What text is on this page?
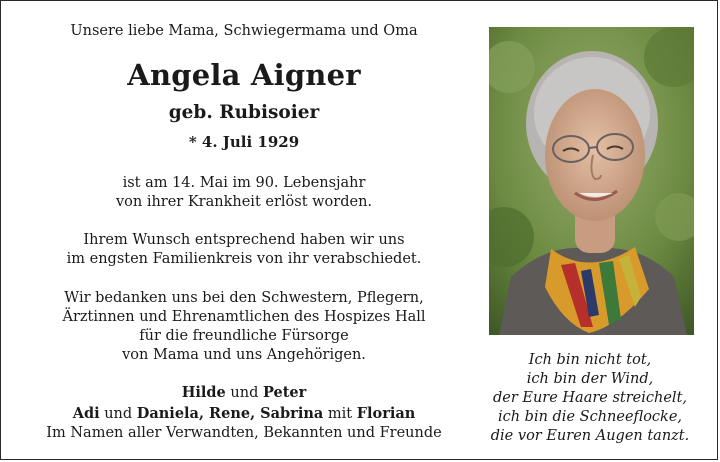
Unsere liebe Mama, Schwiegermama und Oma
Angela Aigner
geb. Rubisoier
* 4. Juli 1929
ist am 14. Mai im 90. Lebensjahr
von ihrer Krankheit erlöst worden.
Ihrem Wunsch entsprechend haben wir uns
im engsten Familienkreis von ihr verabschiedet.
Wir bedanken uns bei den Schwestern, Pflegern,
Ärztinnen und Ehrenamtlichen des Hospizes Hall
für die freundliche Fürsorge
von Mama und uns Angehörigen.
Hilde und Peter
Adi und Daniela, Rene, Sabrina mit Florian
Im Namen aller Verwandten, Bekannten und Freunde
Ich bin nicht tot,
ich bin der Wind,
der Eure Haare streichelt,
ich bin die Schneeflocke,
die vor Euren Augen tanzt.
